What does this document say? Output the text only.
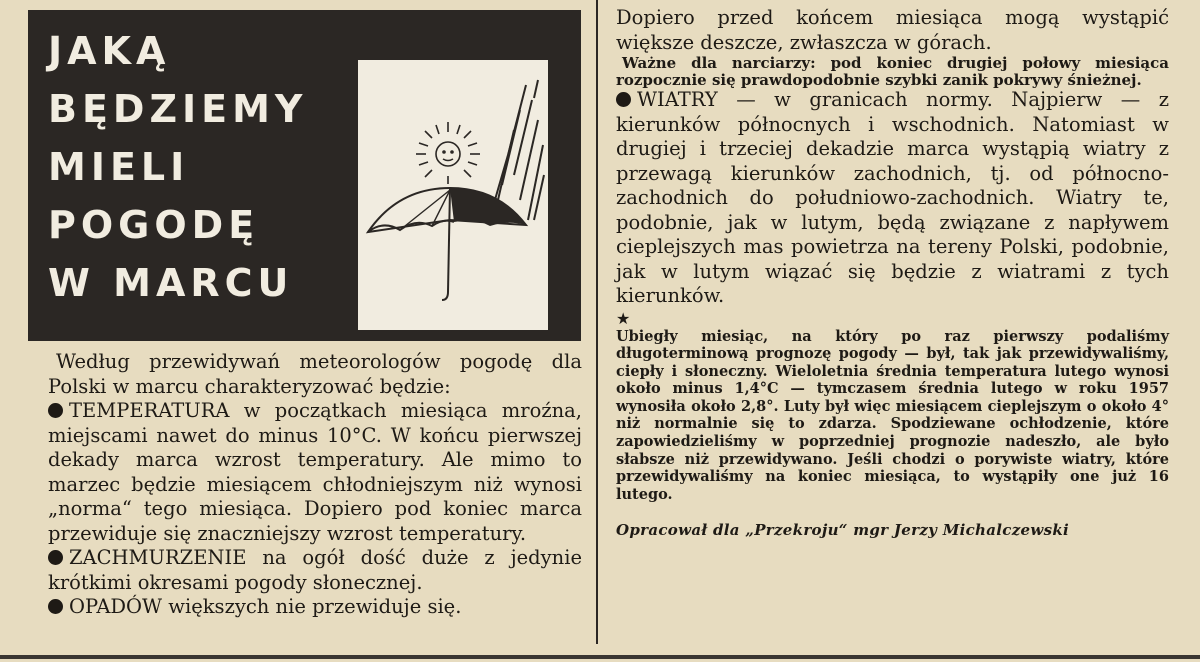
JAKĄ
BĘDZIEMY
MIELI
POGODĘ
W MARCU

Według przewidywań meteorologów pogodę dla Polski w marcu charakteryzować będzie:

TEMPERATURA w początkach miesiąca mroźna, miejscami nawet do minus 10°C. W końcu pierwszej dekady marca wzrost temperatury. Ale mimo to marzec będzie miesiącem chłodniejszym niż wynosi „norma“ tego miesiąca. Dopiero pod koniec marca przewiduje się znaczniejszy wzrost temperatury.

ZACHMURZENIE na ogół dość duże z jedynie krótkimi okresami pogody słonecznej.

OPADÓW większych nie przewiduje się.

Dopiero przed końcem miesiąca mogą wystąpić większe deszcze, zwłaszcza w górach.

Ważne dla narciarzy: pod koniec drugiej połowy miesiąca rozpocznie się prawdopodobnie szybki zanik pokrywy śnieżnej.

WIATRY — w granicach normy. Najpierw — z kierunków północnych i wschodnich. Natomiast w drugiej i trzeciej dekadzie marca wystąpią wiatry z przewagą kierunków zachodnich, tj. od północno-zachodnich do południowo-zachodnich. Wiatry te, podobnie, jak w lutym, będą związane z napływem cieplejszych mas powietrza na tereny Polski, podobnie, jak w lutym wiązać się będzie z wiatrami z tych kierunków.

★

Ubiegły miesiąc, na który po raz pierwszy podaliśmy długoterminową prognozę pogody — był, tak jak przewidywaliśmy, ciepły i słoneczny. Wieloletnia średnia temperatura lutego wynosi około minus 1,4°C — tymczasem średnia lutego w roku 1957 wynosiła około 2,8°. Luty był więc miesiącem cieplejszym o około 4° niż normalnie się to zdarza. Spodziewane ochłodzenie, które zapowiedzieliśmy w poprzedniej prognozie nadeszło, ale było słabsze niż przewidywano. Jeśli chodzi o porywiste wiatry, które przewidywaliśmy na koniec miesiąca, to wystąpiły one już 16 lutego.

Opracował dla „Przekroju“ mgr Jerzy Michalczewski
